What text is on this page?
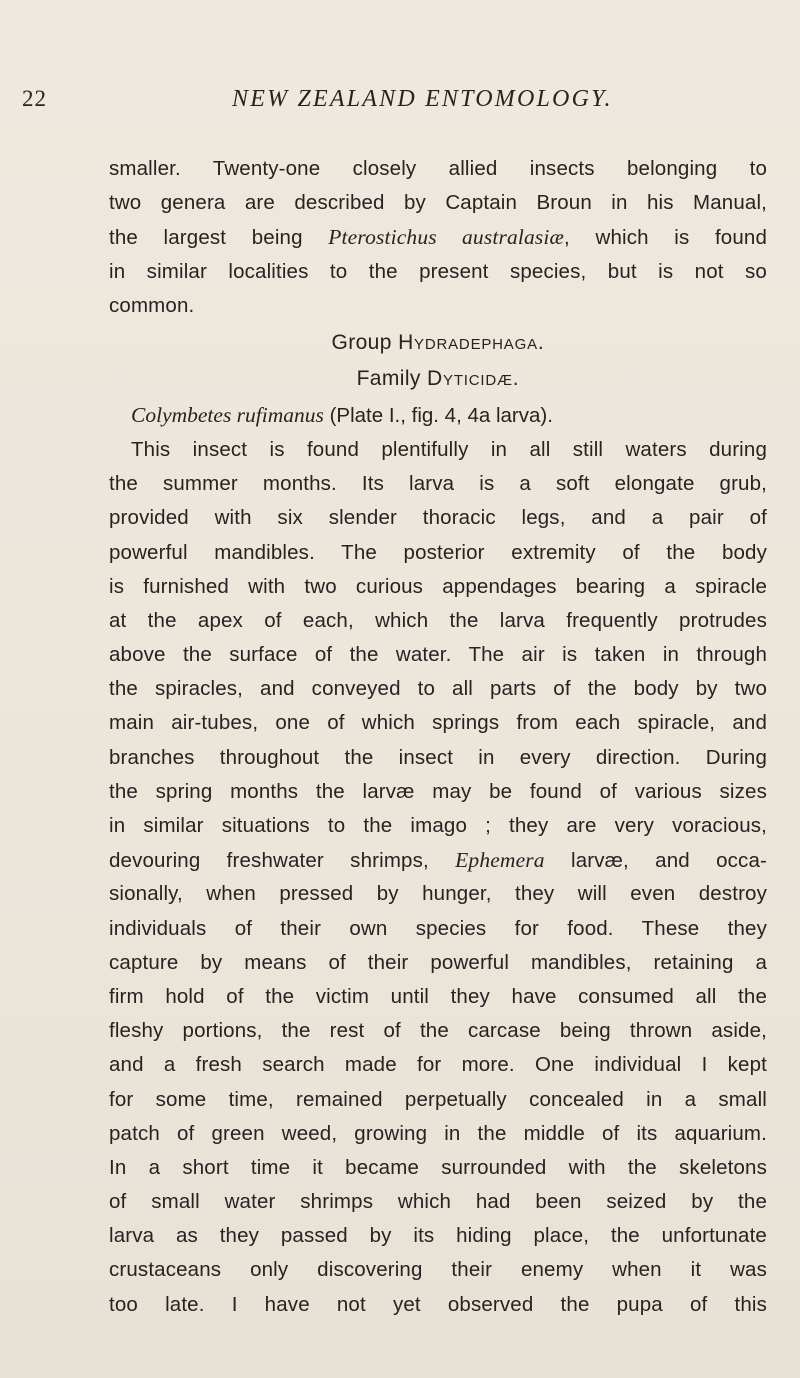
22	NEW ZEALAND ENTOMOLOGY.
smaller. Twenty-one closely allied insects belonging to
two genera are described by Captain Broun in his Manual,
the largest being Pterostichus australasiæ, which is found
in similar localities to the present species, but is not so
common.
Group Hydradephaga.
Family Dyticidæ.
Colymbetes rufimanus (Plate I., fig. 4, 4a larva).
This insect is found plentifully in all still waters during
the summer months. Its larva is a soft elongate grub,
provided with six slender thoracic legs, and a pair of
powerful mandibles. The posterior extremity of the body
is furnished with two curious appendages bearing a spiracle
at the apex of each, which the larva frequently protrudes
above the surface of the water. The air is taken in through
the spiracles, and conveyed to all parts of the body by two
main air-tubes, one of which springs from each spiracle, and
branches throughout the insect in every direction. During
the spring months the larvæ may be found of various sizes
in similar situations to the imago ; they are very voracious,
devouring freshwater shrimps, Ephemera larvæ, and occa-
sionally, when pressed by hunger, they will even destroy
individuals of their own species for food. These they
capture by means of their powerful mandibles, retaining a
firm hold of the victim until they have consumed all the
fleshy portions, the rest of the carcase being thrown aside,
and a fresh search made for more. One individual I kept
for some time, remained perpetually concealed in a small
patch of green weed, growing in the middle of its aquarium.
In a short time it became surrounded with the skeletons
of small water shrimps which had been seized by the
larva as they passed by its hiding place, the unfortunate
crustaceans only discovering their enemy when it was
too late. I have not yet observed the pupa of this
